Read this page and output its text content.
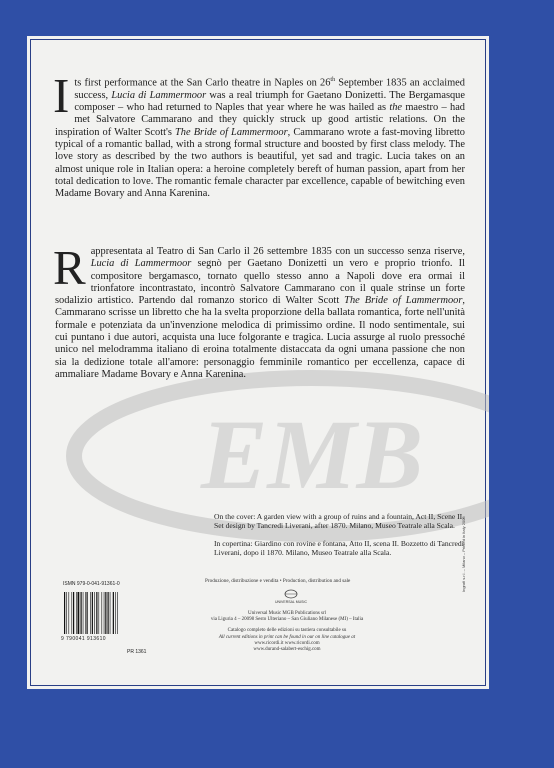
EMB

Its first performance at the San Carlo theatre in Naples on 26th September 1835 an acclaimed success, Lucia di Lammermoor was a real triumph for Gaetano Donizetti. The Bergamasque composer – who had returned to Naples that year where he was hailed as the maestro – had met Salvatore Cammarano and they quickly struck up good artistic relations. On the inspiration of Walter Scott's The Bride of Lammermoor, Cammarano wrote a fast-moving libretto typical of a romantic ballad, with a strong formal structure and boosted by first class melody. The love story as described by the two authors is beautiful, yet sad and tragic. Lucia takes on an almost unique role in Italian opera: a heroine completely bereft of human passion, apart from her total dedication to love. The romantic female character par excellence, capable of bewitching even Madame Bovary and Anna Karenina.

Rappresentata al Teatro di San Carlo il 26 settembre 1835 con un successo senza riserve, Lucia di Lammermoor segnò per Gaetano Donizetti un vero e proprio trionfo. Il compositore bergamasco, tornato quello stesso anno a Napoli dove era ormai il trionfatore incontrastato, incontrò Salvatore Cammarano con il quale strinse un forte sodalizio artistico. Partendo dal romanzo storico di Walter Scott The Bride of Lammermoor, Cammarano scrisse un libretto che ha la svelta proporzione della ballata romantica, forte nell'unità formale e potenziata da un'invenzione melodica di primissimo ordine. Il nodo sentimentale, sui cui puntano i due autori, acquista una luce folgorante e tragica. Lucia assurge al ruolo pressoché unico nel melodramma italiano di eroina totalmente distaccata da ogni umana passione che non sia la dedizione totale all'amore: personaggio femminile romantico per eccellenza, capace di ammaliare Madame Bovary e Anna Karenina.

On the cover: A garden view with a group of ruins and a fountain, Act II, Scene II. Set design by Tancredi Liverani, after 1870. Milano, Museo Teatrale alla Scala.

In copertina: Giardino con rovine e fontana, Atto II, scena II. Bozzetto di Tancredi Liverani, dopo il 1870. Milano, Museo Teatrale alla Scala.

ISMN 979-0-041-91361-0
9 790041 913610
PR 1361
Produzione, distribuzione e vendita • Production, distribution and sale
UNIVERSAL MUSIC
Universal Music MGB Publications srl
via Liguria 4 – 20098 Sesto Ulteriano – San Giuliano Milanese (MI) – Italia
Catalogo completo delle edizioni su tastiera consultabile su
All current editions in print can be found in our on line catalogue at
www.ricordi.it www.ricordi.com
www.durand-salabert-eschig.com
Ingrafi s.r.l. – Milano – Printed in Italy 2008
